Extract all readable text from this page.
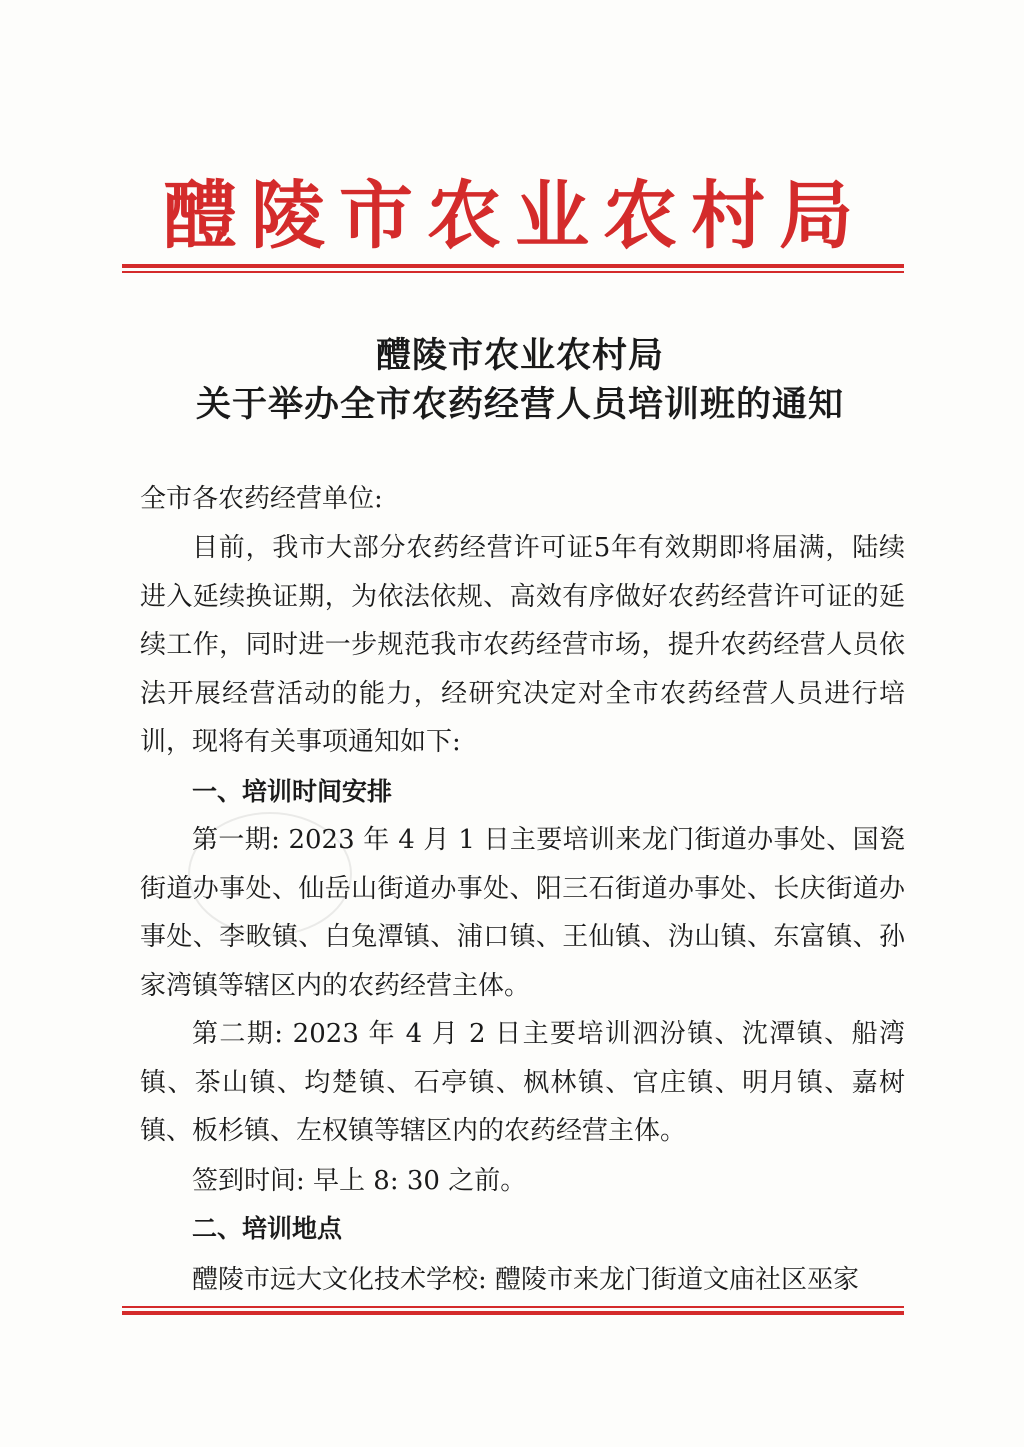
醴陵市农业农村局
醴陵市农业农村局
关于举办全市农药经营人员培训班的通知
全市各农药经营单位:

目前，我市大部分农药经营许可证5年有效期即将届满，陆续进入延续换证期，为依法依规、高效有序做好农药经营许可证的延续工作，同时进一步规范我市农药经营市场，提升农药经营人员依法开展经营活动的能力，经研究决定对全市农药经营人员进行培训，现将有关事项通知如下:

一、培训时间安排

第一期: 2023 年 4 月 1 日主要培训来龙门街道办事处、国瓷街道办事处、仙岳山街道办事处、阳三石街道办事处、长庆街道办事处、李畋镇、白兔潭镇、浦口镇、王仙镇、沩山镇、东富镇、孙家湾镇等辖区内的农药经营主体。

第二期: 2023 年 4 月 2 日主要培训泗汾镇、沈潭镇、船湾镇、茶山镇、均楚镇、石亭镇、枫林镇、官庄镇、明月镇、嘉树镇、板杉镇、左权镇等辖区内的农药经营主体。

签到时间: 早上 8: 30 之前。

二、培训地点

醴陵市远大文化技术学校: 醴陵市来龙门街道文庙社区巫家
